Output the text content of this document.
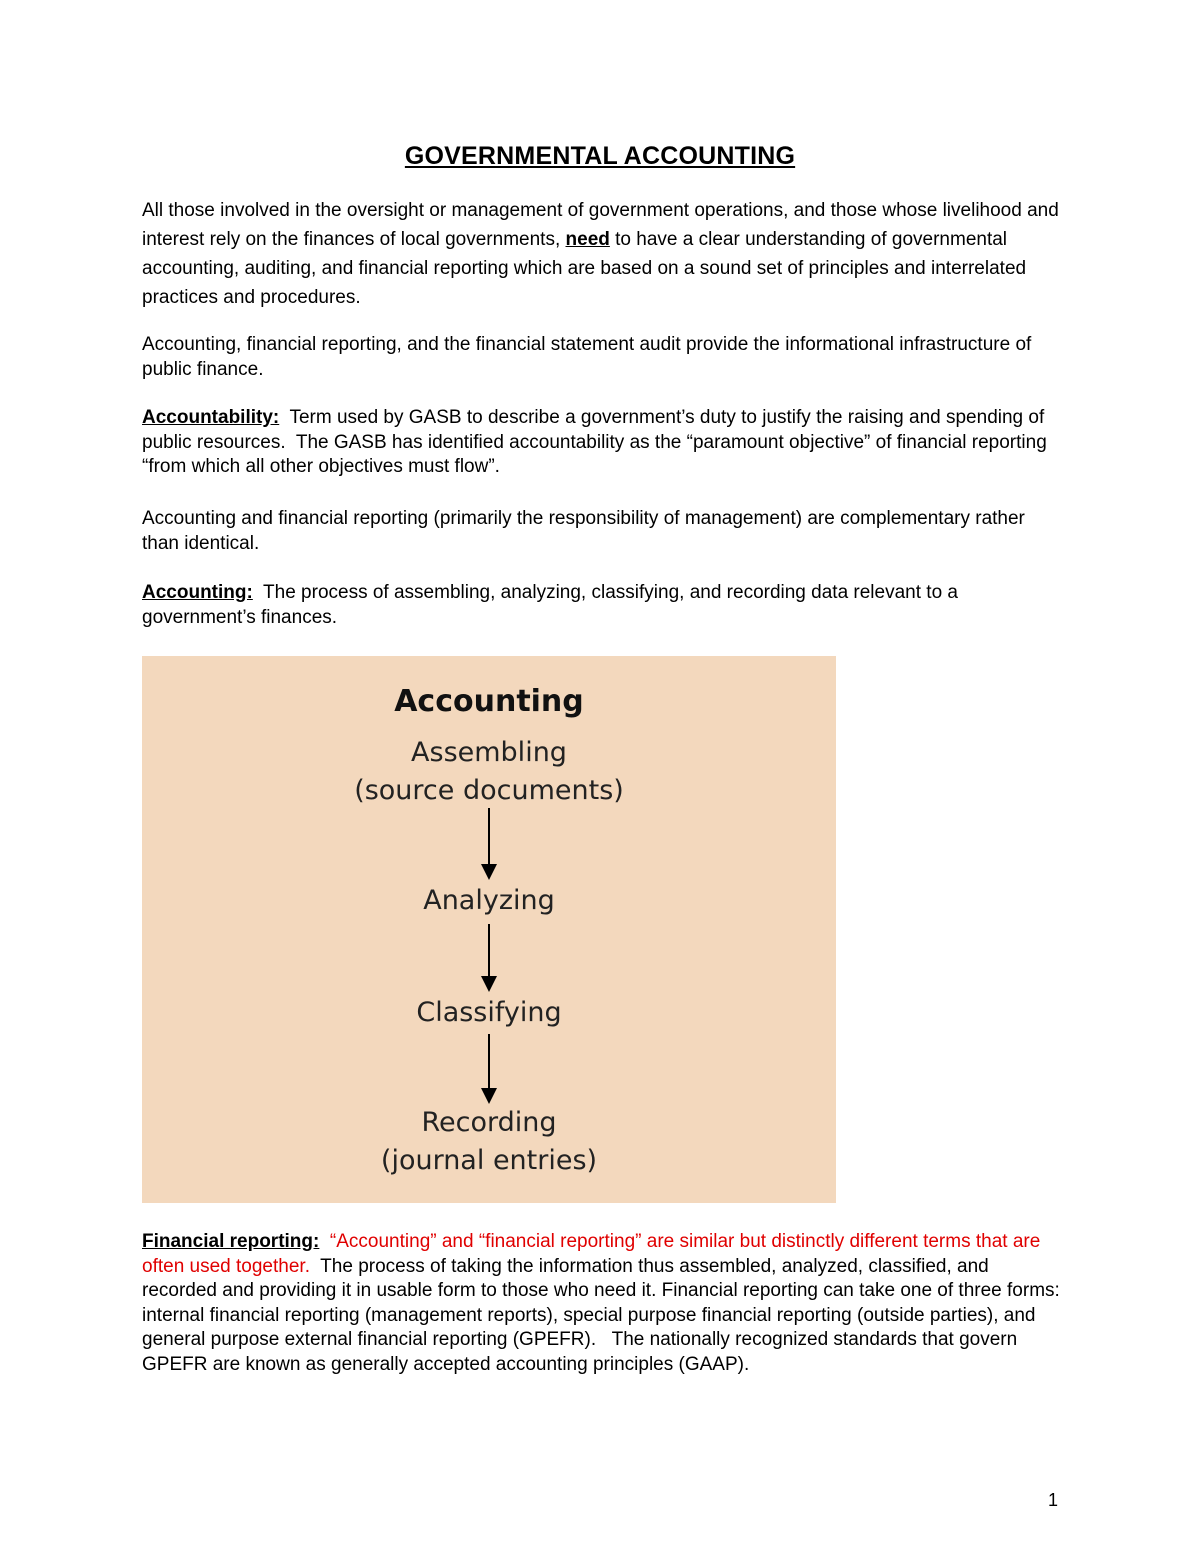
GOVERNMENTAL ACCOUNTING

All those involved in the oversight or management of government operations, and those whose livelihood and interest rely on the finances of local governments, need to have a clear understanding of governmental accounting, auditing, and financial reporting which are based on a sound set of principles and interrelated practices and procedures.

Accounting, financial reporting, and the financial statement audit provide the informational infrastructure of public finance.

Accountability:  Term used by GASB to describe a government’s duty to justify the raising and spending of public resources.  The GASB has identified accountability as the “paramount objective” of financial reporting “from which all other objectives must flow”.

Accounting and financial reporting (primarily the responsibility of management) are complementary rather than identical.

Accounting:  The process of assembling, analyzing, classifying, and recording data relevant to a government’s finances.

Accounting
Assembling
(source documents)
Analyzing
Classifying
Recording
(journal entries)

Financial reporting: “Accounting” and “financial reporting” are similar but distinctly different terms that are often used together.  The process of taking the information thus assembled, analyzed, classified, and recorded and providing it in usable form to those who need it. Financial reporting can take one of three forms: internal financial reporting (management reports), special purpose financial reporting (outside parties), and general purpose external financial reporting (GPEFR).   The nationally recognized standards that govern GPEFR are known as generally accepted accounting principles (GAAP).

1
